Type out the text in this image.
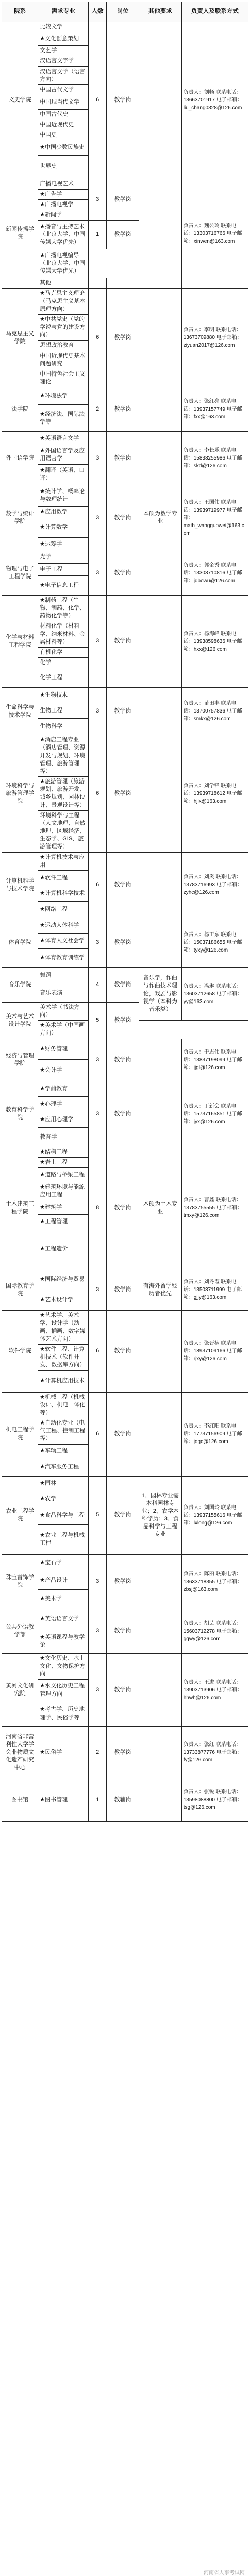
院系	需求专业	人数	岗位	其他要求	负责人及联系方式
文史学院	比较文学	6	教学岗		负责人：刘畅 联系电话：13663701917 电子邮箱：liu_chang0328@126.com
	★文化创意策划				
	文艺学				
	汉语言文字学				
	汉语言文学（语言方向）				
	中国古代文学				
	中国现当代文学				
	中国古代史				
	中国近现代史				
	中国史				
	★中国少数民族史				
	世界史				
新闻传播学院	广播电视艺术	3	教学岗		负责人：魏公玲 联系电话：13303716766 电子邮箱：xinwen@163.com
	★广告学				
	★广播电视学				
	★新闻学				
	★播音与主持艺术（北京大学、中国传媒大学优先）	1	教学岗		
	★广播电视编导（北京大学、中国传媒大学优先）				
	其他				
马克思主义学院	★马克思主义理论（马克思主义基本原理方向）	6	教学岗		负责人：李明 联系电话：13673709880 电子邮箱：ziyuan2017@126.com
	★中共党史（党的学说与党的建设方向）				
	思想政治教育				
	中国近现代史基本问题研究				
	中国特色社会主义理论				
法学院	★环境法学	2	教学岗		负责人：张红亮 联系电话：13937157749 电子邮箱：fxx@163.com
	★经济法、国际法学等				
外国语学院	★英语语言文学	3	教学岗		负责人：李长乐 联系电话：15838255986 电子邮箱：skd@126.com
	★外国语言学及应用语言学				
	★翻译（英语、口译）				
数学与统计学院	★统计学、概率论与数理统计	3	教学岗	本硕为数学专业	负责人：王国伟 联系电话：13939719977 电子邮箱：math_wangguowei@163.com
	★应用数学				
	★计算数学				
	★运筹学				
物理与电子工程学院	光学	3	教学岗		负责人：郭金秀 联系电话：13303710816 电子邮箱：jdbowu@126.com
	电子工程				
	★电子信息工程				
化学与材料工程学院	★制药工程（生物、制药、化学、药物化学等）	3	教学岗		负责人：杨海峰 联系电话：13938598636 电子邮箱：hxx@126.com
	材料化学（材料学、纳米材料、金属材料等）				
	有机化学				
	化学				
	化学工程				
生命科学与技术学院	★生物技术	3	教学岗		负责人：苗田丰 联系电话：13700757836 电子邮箱：smkx@126.com
	生物工程				
	生物科学				
环境科学与旅游管理学院	★酒店工程专业（酒店管理、资源开发与规划、环境管理、旅游管理等）	6	教学岗		负责人：刘学锋 联系电话：13939718612 电子邮箱：hjlx@163.com
	★旅游管理（旅游规划、旅游开发、城乡规划、园林设计、景观设计等）				
	环境科学与工程（人文地理、自然地理、区域经济、生态学、GIS、旅游管理等）				
计算机科学与技术学院	★计算机技术与应用	6	教学岗		负责人：刘炎 联系电话：13783716993 电子邮箱：zyhc@126.com
	★软件工程				
	★计算机科学技术				
	★网络工程				
体育学院	★运动人体科学	3	教学岗		负责人：杨卫东 联系电话：15037186655 电子邮箱：tyxy@126.com
	★体育人文社会学				
	★体育教育训练学				
音乐学院	舞蹈	4	教学岗	音乐学，作曲与作曲技术理论，戏剧与影视学（本科为音乐类）	负责人：冯琳 联系电话：13603712658 电子邮箱：yy@163.com
	音乐表演				
美术与艺术设计学院	美术学（书法方向）	5	教学岗		
	★美术学（中国画方向）				
经济与管理学院	★财务管理	3	教学岗		负责人：于志伟 联系电话：13837198099 电子邮箱：jjgl@126.com
	★会计学				
教育科学学院	★学前教育	3	教学岗		负责人：丁新会 联系电话：15737165851 电子邮箱：jyx@126.com
	★心理学				
	★应用心理学				
	教育学				
土木建筑工程学院	★结构工程	8	教学岗	本硕为土木专业	负责人：曹鑫 联系电话：13783755555 电子邮箱：tmxy@126.com
	★岩土工程				
	★道路与桥梁工程				
	★建筑环境与能源应用工程				
	★建筑学				
	★工程管理				
	★工程造价				
国际教育学院	★国际经济与贸易	3	教学岗	有海外留学经历者优先	负责人：刘冬霞 联系电话：13503711999 电子邮箱：gjjy@163.com
	★艺术设计学				
软件学院	★艺术学、美术学、设计学（动画、插画、数字媒体艺术方向）	6	教学岗		负责人：张晋楠 联系电话：18937109166 电子邮箱：rjxy@126.com
	★软件工程、计算机技术（软件开发、数据库方向）				
	★计算机应用技术				
机电工程学院	★机械工程（机械设计、机电一体化等）	6	教学岗		负责人：李红阳 联系电话：17737156909 电子邮箱：jdgc@126.com
	★自动化专业（电气工程、控制工程等）				
	★车辆工程				
	★汽车服务工程				
农业工程学院	★园林	5	教学岗	1、园林专业需本科园林专业；2、农学本科学历；3、食品科学与工程专业	负责人：刘国玲 联系电话：13937155616 电子邮箱：lxlong@126.com
	★农学				
	★食品科学与工程				
	★农业工程与机械工程				
珠宝首饰学院	★宝石学	3	教学岗		负责人：陈丽 联系电话：13633718355 电子邮箱：zbsj@163.com
	★产品设计				
	★美术学				
公共外语教学部	★英语语言文学	3	教学岗		负责人：胡芸 联系电话：15603712278 电子邮箱：ggwy@126.com
	★英语课程与教学论				
黄河文化研究院	★文化历史、水土文化、文物保护方向	3	教学岗		负责人：王进 联系电话：13903713906 电子邮箱：hhwh@126.com
	★水文化历史工程管理方向				
	★考古学、历史地理学、民俗学等				
河南省非营利性大学学会非物质文化遗产研究中心	★民俗学	2	教学岗		负责人：张红 联系电话：13733877776 电子邮箱：fy@126.com
图书馆	★图书管理	1	教辅岗		负责人：张锐 联系电话：13598088800 电子邮箱：tsg@126.com
河南省人事考试网
